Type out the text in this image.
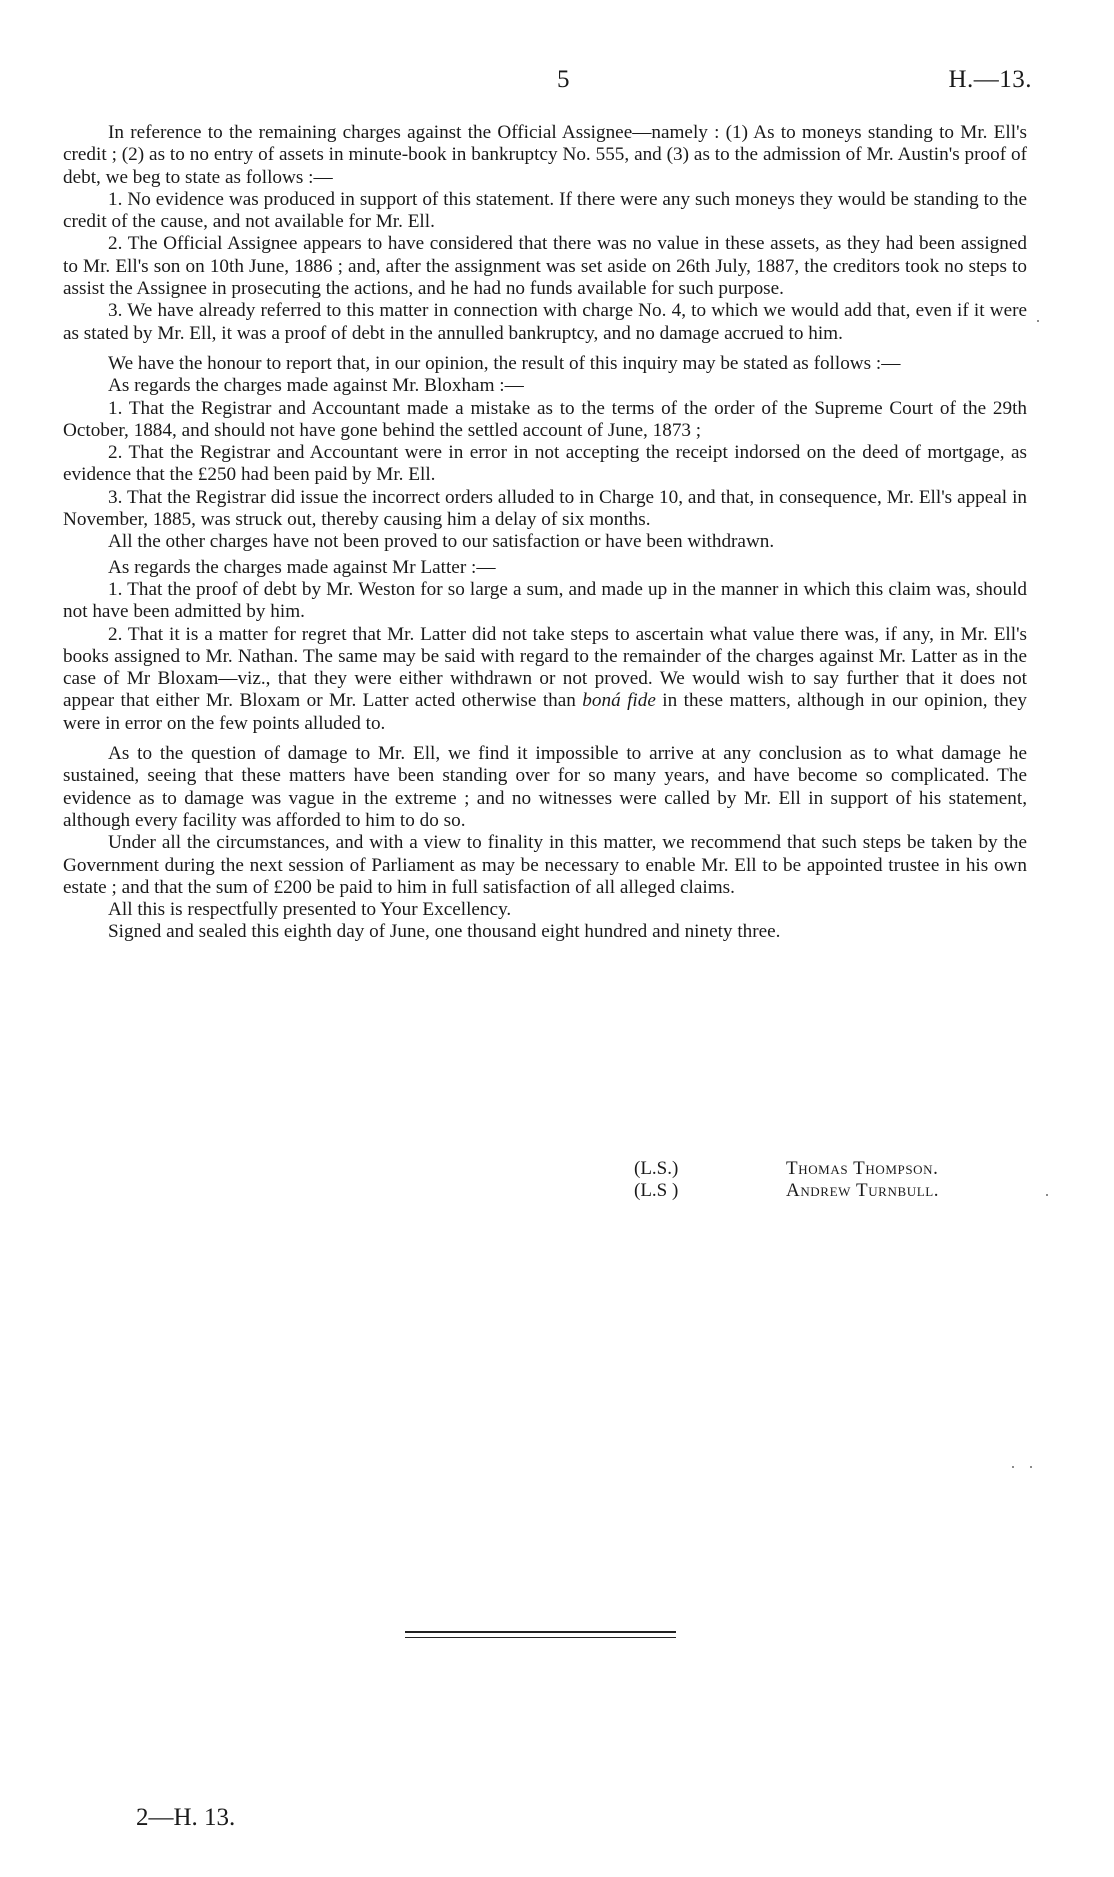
5	H.—13.

In reference to the remaining charges against the Official Assignee—namely : (1) As to moneys standing to Mr. Ell's credit ; (2) as to no entry of assets in minute-book in bankruptcy No. 555, and (3) as to the admission of Mr. Austin's proof of debt, we beg to state as follows :—

1. No evidence was produced in support of this statement. If there were any such moneys they would be standing to the credit of the cause, and not available for Mr. Ell.

2. The Official Assignee appears to have considered that there was no value in these assets, as they had been assigned to Mr. Ell's son on 10th June, 1886 ; and, after the assignment was set aside on 26th July, 1887, the creditors took no steps to assist the Assignee in prosecuting the actions, and he had no funds available for such purpose.

3. We have already referred to this matter in connection with charge No. 4, to which we would add that, even if it were as stated by Mr. Ell, it was a proof of debt in the annulled bankruptcy, and no damage accrued to him.

We have the honour to report that, in our opinion, the result of this inquiry may be stated as follows :—

As regards the charges made against Mr. Bloxham :—

1. That the Registrar and Accountant made a mistake as to the terms of the order of the Supreme Court of the 29th October, 1884, and should not have gone behind the settled account of June, 1873 ;

2. That the Registrar and Accountant were in error in not accepting the receipt indorsed on the deed of mortgage, as evidence that the £250 had been paid by Mr. Ell.

3. That the Registrar did issue the incorrect orders alluded to in Charge 10, and that, in consequence, Mr. Ell's appeal in November, 1885, was struck out, thereby causing him a delay of six months.

All the other charges have not been proved to our satisfaction or have been withdrawn.

As regards the charges made against Mr Latter :—

1. That the proof of debt by Mr. Weston for so large a sum, and made up in the manner in which this claim was, should not have been admitted by him.

2. That it is a matter for regret that Mr. Latter did not take steps to ascertain what value there was, if any, in Mr. Ell's books assigned to Mr. Nathan. The same may be said with regard to the remainder of the charges against Mr. Latter as in the case of Mr Bloxam—viz., that they were either withdrawn or not proved. We would wish to say further that it does not appear that either Mr. Bloxam or Mr. Latter acted otherwise than boná fide in these matters, although in our opinion, they were in error on the few points alluded to.

As to the question of damage to Mr. Ell, we find it impossible to arrive at any conclusion as to what damage he sustained, seeing that these matters have been standing over for so many years, and have become so complicated. The evidence as to damage was vague in the extreme ; and no witnesses were called by Mr. Ell in support of his statement, although every facility was afforded to him to do so.

Under all the circumstances, and with a view to finality in this matter, we recommend that such steps be taken by the Government during the next session of Parliament as may be necessary to enable Mr. Ell to be appointed trustee in his own estate ; and that the sum of £200 be paid to him in full satisfaction of all alleged claims.

All this is respectfully presented to Your Excellency.

Signed and sealed this eighth day of June, one thousand eight hundred and ninety three.

(L.S.)	Thomas Thompson.
(L.S )	Andrew Turnbull.
2—H. 13.
